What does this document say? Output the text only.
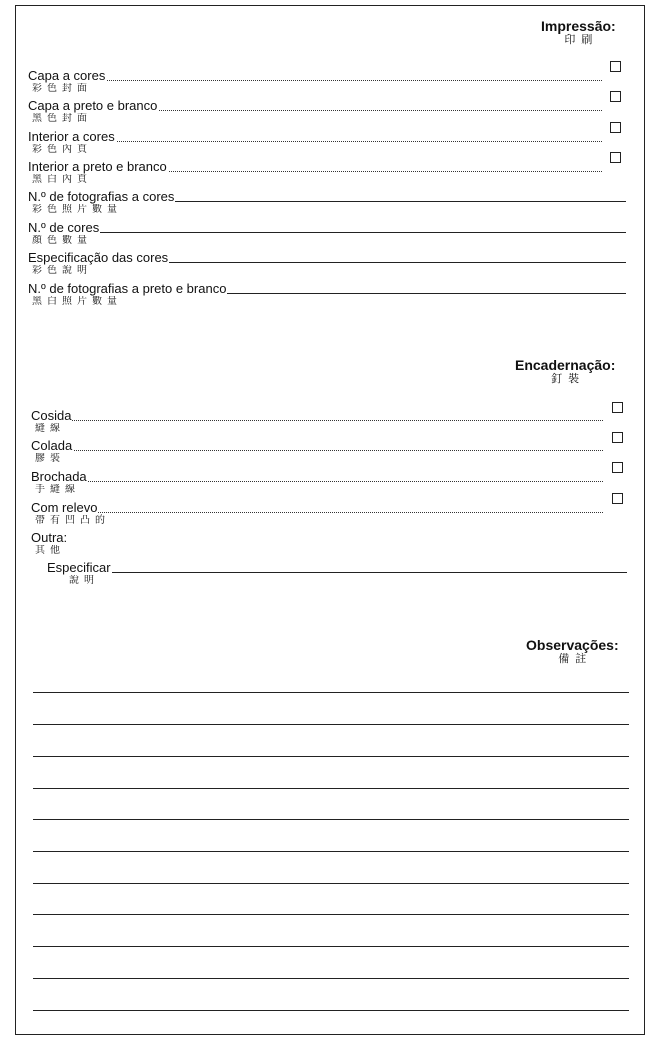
Impressão:
印刷
Capa a cores
彩色封面
Capa a preto e branco
黑色封面
Interior a cores
彩色內頁
Interior a preto e branco
黑白內頁
N.º de fotografias a cores
彩色照片數量
N.º de cores
顏色數量
Especificação das cores
彩色說明
N.º de fotografias a preto e branco
黑白照片數量
Encadernação:
釘裝
Cosida
縫線
Colada
膠裝
Brochada
手縫線
Com relevo
帶有凹凸的
Outra:
其他
Especificar
說明
Observações:
備註
